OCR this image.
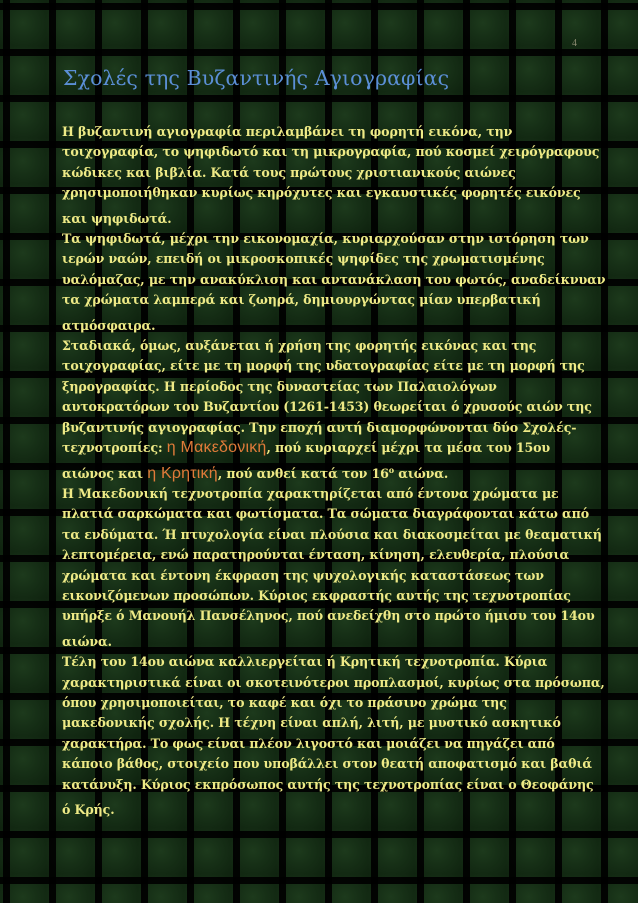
4
Σχολές της Βυζαντινής Αγιογραφίας

Η βυζαντινή αγιογραφία περιλαμβάνει τη φορητή εικόνα, την
τοιχογραφία, το ψηφιδωτό και τη μικρογραφία, πού κοσμεί χειρόγραφους
κώδικες και βιβλία. Κατά τους πρώτους χριστιανικούς αιώνες
χρησιμοποιήθηκαν κυρίως κηρόχυτες και εγκαυστικές φορητές εικόνες
και ψηφιδωτά.

Τα ψηφιδωτά, μέχρι την εικονομαχία, κυριαρχούσαν στην ιστόρηση των
ιερών ναών, επειδή οι μικροσκοπικές ψηφίδες της χρωματισμένης
υαλόμαζας, με την ανακύκλιση και αντανάκλαση του φωτός, αναδείκνυαν
τα χρώματα λαμπερά και ζωηρά, δημιουργώντας μίαν υπερβατική
ατμόσφαιρα.

Σταδιακά, όμως, αυξάνεται ή χρήση της φορητής εικόνας και της
τοιχογραφίας, είτε με τη μορφή της υδατογραφίας είτε με τη μορφή της
ξηρογραφίας. Η περίοδος της δυναστείας των Παλαιολόγων
αυτοκρατόρων του Βυζαντίου (1261-1453) θεωρείται ό χρυσούς αιών της
βυζαντινής αγιογραφίας. Την εποχή αυτή διαμορφώνονται δύο Σχολές-
τεχνοτροπίες: η Μακεδονική, πού κυριαρχεί μέχρι τα μέσα του 15ου
αιώνος και η Κρητική, πού ανθεί κατά τον $16^o$ αιώνα.

Η Μακεδονική τεχνοτροπία χαρακτηρίζεται από έντονα χρώματα με
πλατιά σαρκώματα και φωτίσματα. Τα σώματα διαγράφονται κάτω από
τα ενδύματα. Ή πτυχολογία είναι πλούσια και διακοσμείται με θεαματική
λεπτομέρεια, ενώ παρατηρούνται ένταση, κίνηση, ελευθερία, πλούσια
χρώματα και έντονη έκφραση της ψυχολογικής καταστάσεως των
εικονιζόμενων προσώπων. Κύριος εκφραστής αυτής της τεχνοτροπίας
υπήρξε ό Μανουήλ Πανσέληνος, πού ανεδείχθη στο πρώτο ήμισυ του 14ου
αιώνα.

Τέλη του 14ου αιώνα καλλιεργείται ή Κρητική τεχνοτροπία. Κύρια
χαρακτηριστικά είναι οι σκοτεινότεροι προπλασμοί, κυρίως στα πρόσωπα,
όπου χρησιμοποιείται, το καφέ και όχι το πράσινο χρώμα της
μακεδονικής σχολής. Η τέχνη είναι απλή, λιτή, με μυστικό ασκητικό
χαρακτήρα. Το φως είναι πλέον λιγοστό και μοιάζει να πηγάζει από
κάποιο βάθος, στοιχείο που υποβάλλει στον θεατή αποφατισμό και βαθιά
κατάνυξη. Κύριος εκπρόσωπος αυτής της τεχνοτροπίας είναι ο Θεοφάνης
ό Κρής.
